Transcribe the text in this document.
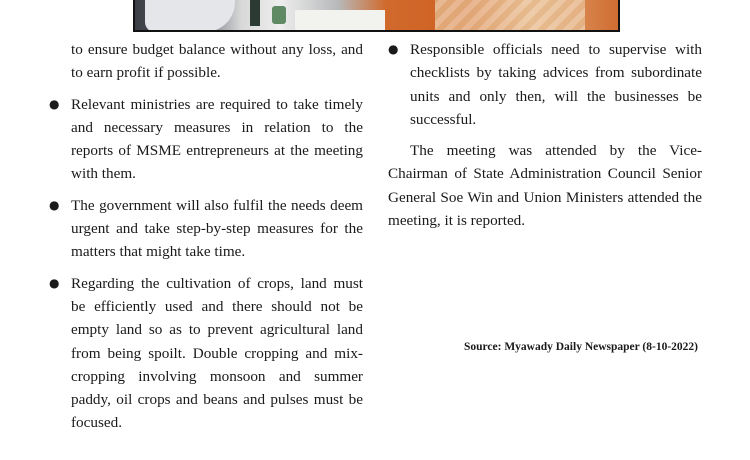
to ensure budget balance without any loss, and to earn profit if possible.

● Relevant ministries are required to take timely and necessary measures in relation to the reports of MSME entrepreneurs at the meeting with them.
● The government will also fulfil the needs deem urgent and take step-by-step measures for the matters that might take time.
● Regarding the cultivation of crops, land must be efficiently used and there should not be empty land so as to prevent agricultural land from being spoilt. Double cropping and mix-cropping involving monsoon and summer paddy, oil crops and beans and pulses must be focused.
● Responsible officials need to supervise with checklists by taking advices from subordinate units and only then, will the businesses be successful.

The meeting was attended by the Vice-Chairman of State Administration Council Senior General Soe Win and Union Ministers attended the meeting, it is reported.

Source: Myawady Daily Newspaper (8-10-2022)
